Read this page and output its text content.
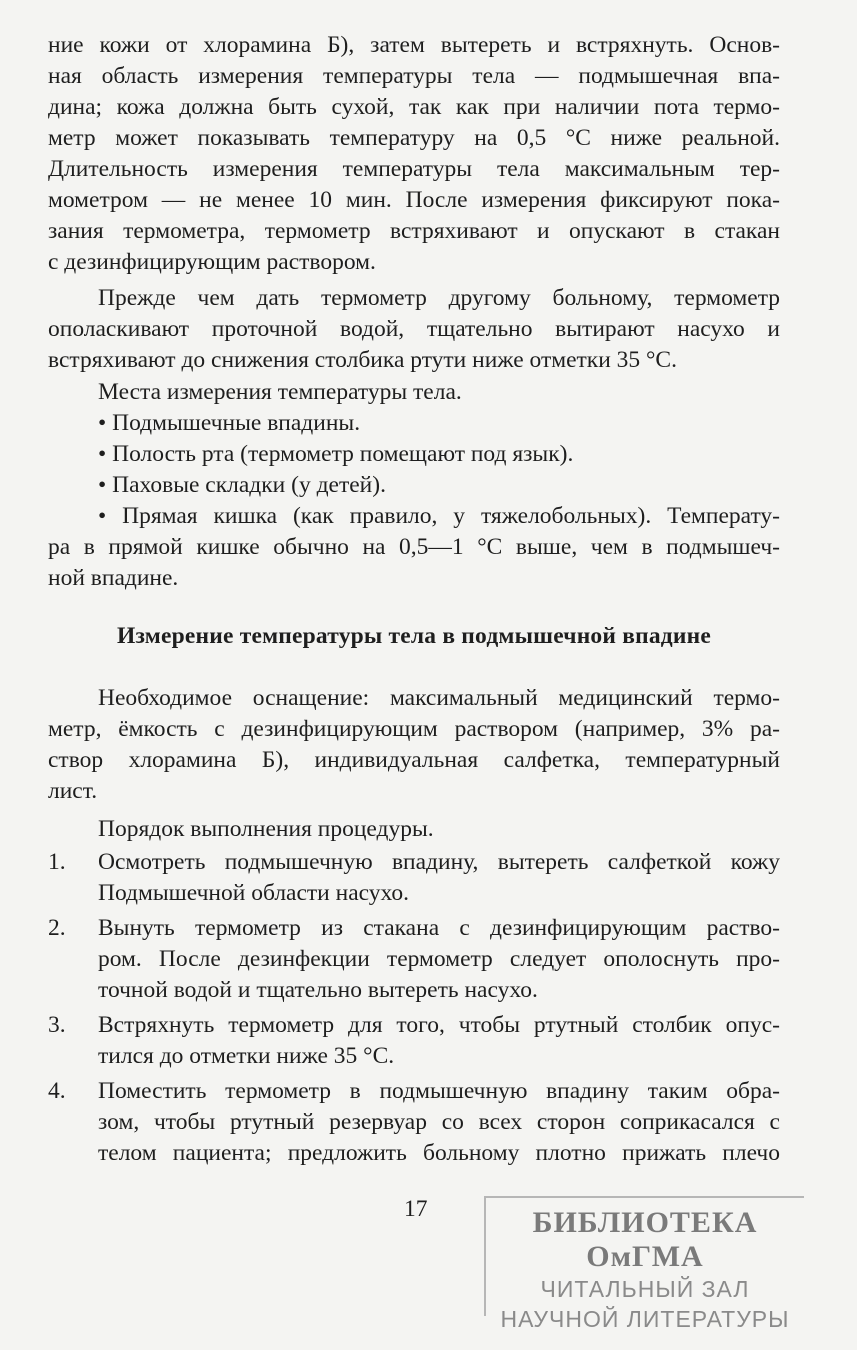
ние кожи от хлорамина Б), затем вытереть и встряхнуть. Основ-
ная область измерения температуры тела — подмышечная впа-
дина; кожа должна быть сухой, так как при наличии пота термо-
метр может показывать температуру на 0,5 °С ниже реальной.
Длительность измерения температуры тела максимальным тер-
мометром — не менее 10 мин. После измерения фиксируют пока-
зания термометра, термометр встряхивают и опускают в стакан
с дезинфицирующим раствором.
Прежде чем дать термометр другому больному, термометр
ополаскивают проточной водой, тщательно вытирают насухо и
встряхивают до снижения столбика ртути ниже отметки 35 °С.
Места измерения температуры тела.
• Подмышечные впадины.
• Полость рта (термометр помещают под язык).
• Паховые складки (у детей).
• Прямая кишка (как правило, у тяжелобольных). Температу-
ра в прямой кишке обычно на 0,5—1 °С выше, чем в подмышеч-
ной впадине.
Измерение температуры тела в подмышечной впадине
Необходимое оснащение: максимальный медицинский термо-
метр, ёмкость с дезинфицирующим раствором (например, 3% ра-
створ хлорамина Б), индивидуальная салфетка, температурный
лист.
Порядок выполнения процедуры.
1. Осмотреть подмышечную впадину, вытереть салфеткой кожу
Подмышечной области насухо.
2. Вынуть термометр из стакана с дезинфицирующим раство-
ром. После дезинфекции термометр следует ополоснуть про-
точной водой и тщательно вытереть насухо.
3. Встряхнуть термометр для того, чтобы ртутный столбик опус-
тился до отметки ниже 35 °С.
4. Поместить термометр в подмышечную впадину таким обра-
зом, чтобы ртутный резервуар со всех сторон соприкасался с
телом пациента; предложить больному плотно прижать плечо
17	БИБЛИОТЕКА ОмГМА
ЧИТАЛЬНЫЙ ЗАЛ
НАУЧНОЙ ЛИТЕРАТУРЫ
